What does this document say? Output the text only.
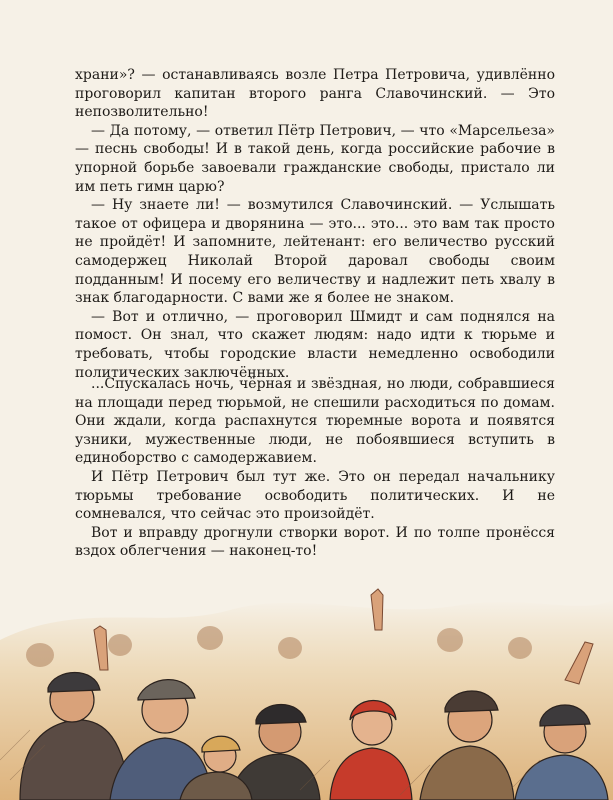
храни»? — останавливаясь возле Петра Петровича, удивлённо проговорил капитан второго ранга Славочинский. — Это непозволительно!

— Да потому, — ответил Пётр Петрович, — что «Марсельеза» — песнь свободы! И в такой день, когда российские рабочие в упорной борьбе завоевали гражданские свободы, пристало ли им петь гимн царю?

— Ну знаете ли! — возмутился Славочинский. — Услышать такое от офицера и дворянина — это... это... это вам так просто не пройдёт! И запомните, лейтенант: его величество русский самодержец Николай Второй даровал свободы своим подданным! И посему его величеству и надлежит петь хвалу в знак благодарности. С вами же я более не знаком.

— Вот и отлично, — проговорил Шмидт и сам поднялся на помост. Он знал, что скажет людям: надо идти к тюрьме и требовать, чтобы городские власти немедленно освободили политических заключённых.

...Спускалась ночь, чёрная и звёздная, но люди, собравшиеся на площади перед тюрьмой, не спешили расходиться по домам. Они ждали, когда распахнутся тюремные ворота и появятся узники, мужественные люди, не побоявшиеся вступить в единоборство с самодержавием.

И Пётр Петрович был тут же. Это он передал начальнику тюрьмы требование освободить политических. И не сомневался, что сейчас это произойдёт.

Вот и вправду дрогнули створки ворот. И по толпе пронёсся вздох облегчения — наконец-то!
